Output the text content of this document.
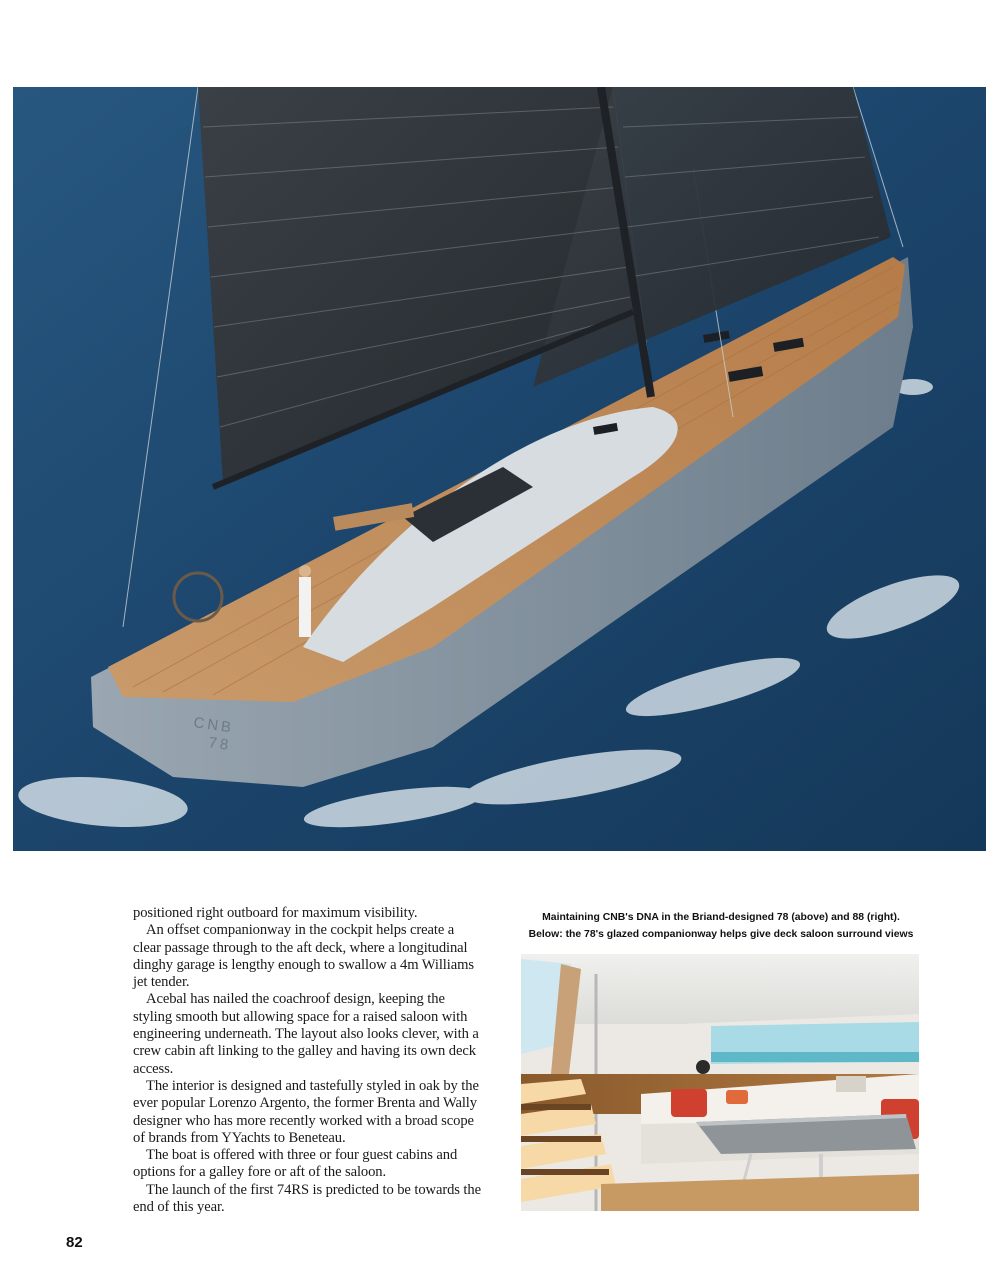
CNB
78

positioned right outboard for maximum visibility.

An offset companionway in the cockpit helps create a clear passage through to the aft deck, where a longitudinal dinghy garage is lengthy enough to swallow a 4m Williams jet tender.

Acebal has nailed the coachroof design, keeping the styling smooth but allowing space for a raised saloon with engineering underneath. The layout also looks clever, with a crew cabin aft linking to the galley and having its own deck access.

The interior is designed and tastefully styled in oak by the ever popular Lorenzo Argento, the former Brenta and Wally designer who has more recently worked with a broad scope of brands from YYachts to Beneteau.

The boat is offered with three or four guest cabins and options for a galley fore or aft of the saloon.

The launch of the first 74RS is predicted to be towards the end of this year.

Maintaining CNB's DNA in the Briand-designed 78 (above) and 88 (right).
Below: the 78's glazed companionway helps give deck saloon surround views
82
